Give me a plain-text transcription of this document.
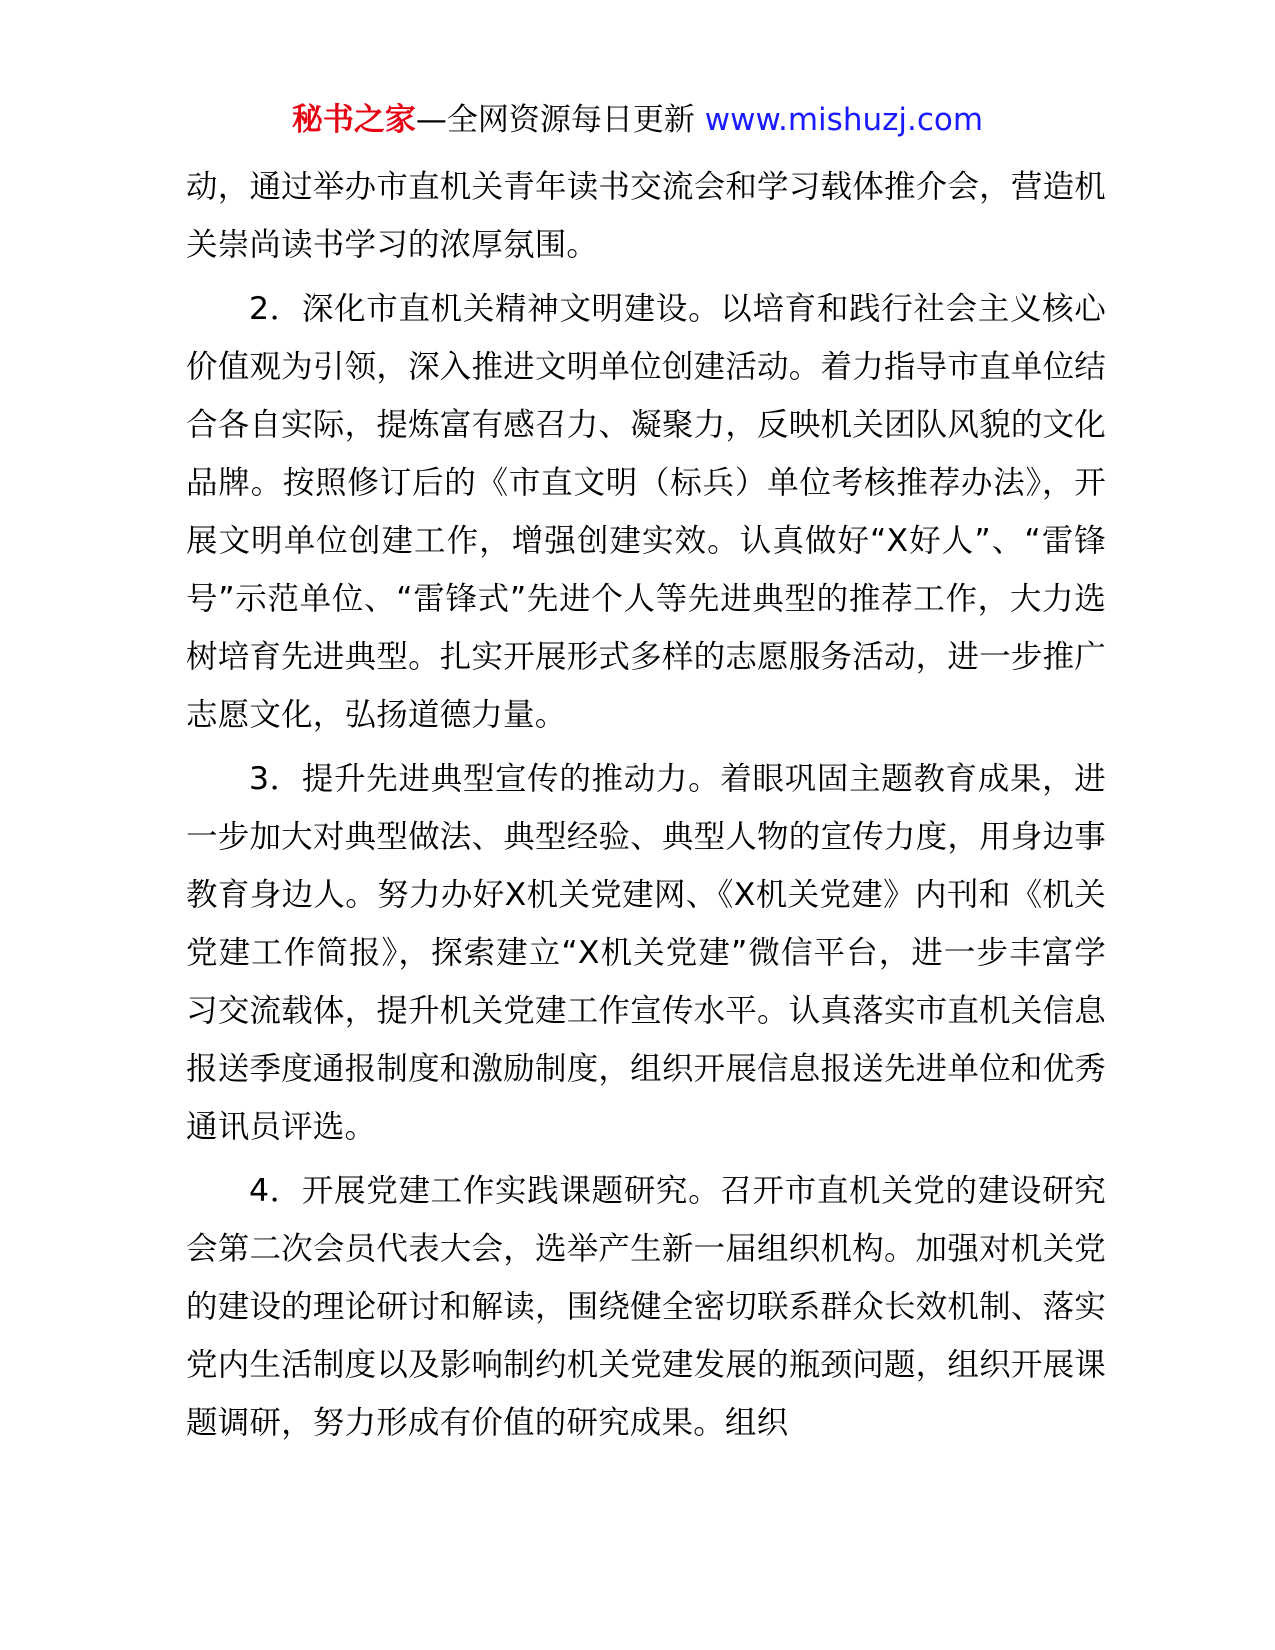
秘书之家—全网资源每日更新 www.mishuzj.com

动，通过举办市直机关青年读书交流会和学习载体推介会，营造机关崇尚读书学习的浓厚氛围。

2．深化市直机关精神文明建设。以培育和践行社会主义核心价值观为引领，深入推进文明单位创建活动。着力指导市直单位结合各自实际，提炼富有感召力、凝聚力，反映机关团队风貌的文化品牌。按照修订后的《市直文明（标兵）单位考核推荐办法》，开展文明单位创建工作，增强创建实效。认真做好“X好人”、“雷锋号”示范单位、“雷锋式”先进个人等先进典型的推荐工作，大力选树培育先进典型。扎实开展形式多样的志愿服务活动，进一步推广志愿文化，弘扬道德力量。

3．提升先进典型宣传的推动力。着眼巩固主题教育成果，进一步加大对典型做法、典型经验、典型人物的宣传力度，用身边事教育身边人。努力办好X机关党建网、《X机关党建》内刊和《机关党建工作简报》，探索建立“X机关党建”微信平台，进一步丰富学习交流载体，提升机关党建工作宣传水平。认真落实市直机关信息报送季度通报制度和激励制度，组织开展信息报送先进单位和优秀通讯员评选。

4．开展党建工作实践课题研究。召开市直机关党的建设研究会第二次会员代表大会，选举产生新一届组织机构。加强对机关党的建设的理论研讨和解读，围绕健全密切联系群众长效机制、落实党内生活制度以及影响制约机关党建发展的瓶颈问题，组织开展课题调研，努力形成有价值的研究成果。组织
